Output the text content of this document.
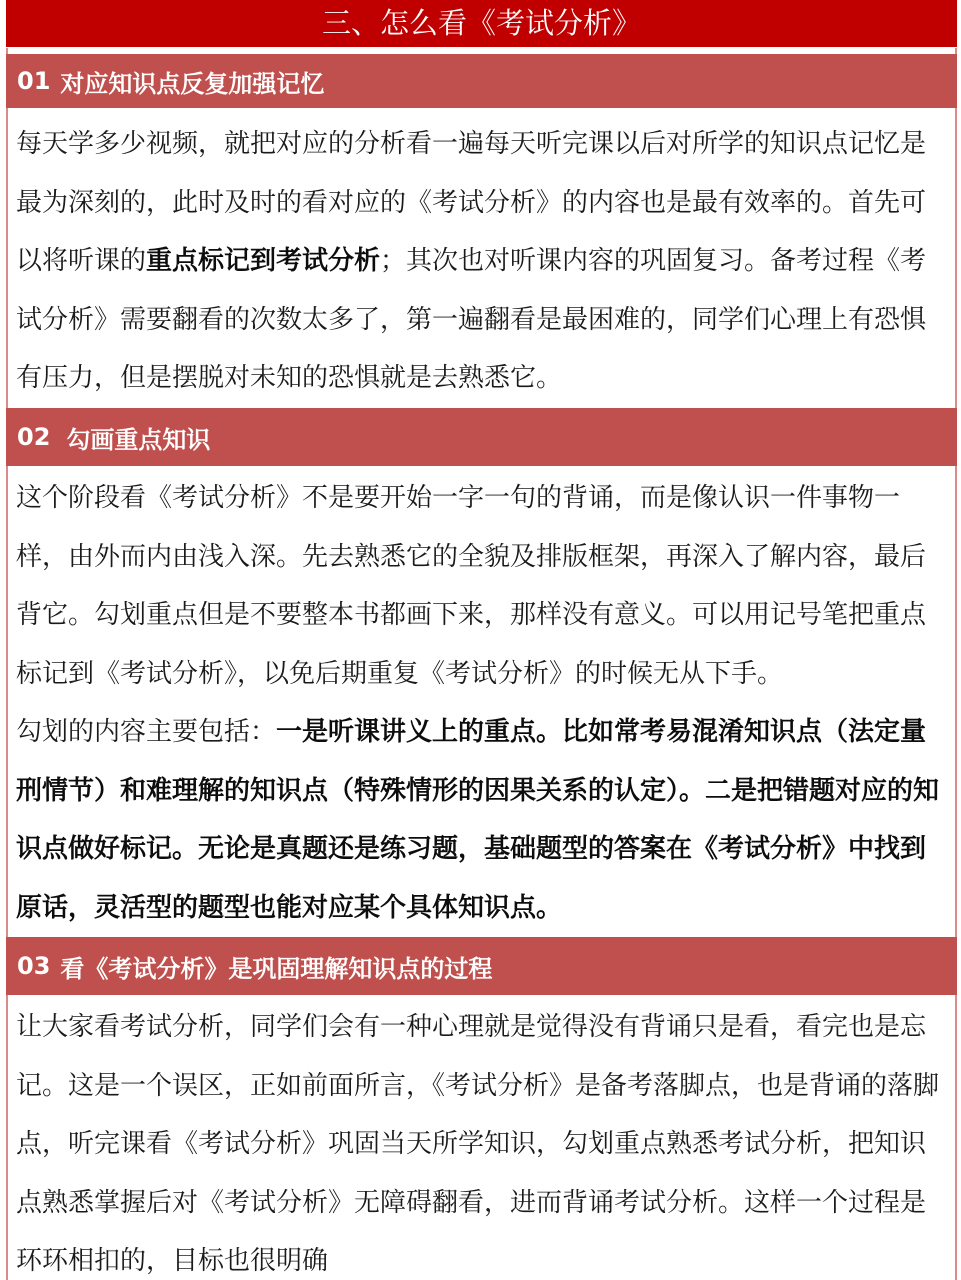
三、怎么看《考试分析》
01 对应知识点反复加强记忆

每天学多少视频，就把对应的分析看一遍每天听完课以后对所学的知识点记忆是最为深刻的，此时及时的看对应的《考试分析》的内容也是最有效率的。首先可以将听课的重点标记到考试分析；其次也对听课内容的巩固复习。备考过程《考试分析》需要翻看的次数太多了，第一遍翻看是最困难的，同学们心理上有恐惧有压力，但是摆脱对未知的恐惧就是去熟悉它。

02 勾画重点知识

这个阶段看《考试分析》不是要开始一字一句的背诵，而是像认识一件事物一样，由外而内由浅入深。先去熟悉它的全貌及排版框架，再深入了解内容，最后背它。勾划重点但是不要整本书都画下来，那样没有意义。可以用记号笔把重点标记到《考试分析》，以免后期重复《考试分析》的时候无从下手。

勾划的内容主要包括：一是听课讲义上的重点。比如常考易混淆知识点（法定量刑情节）和难理解的知识点（特殊情形的因果关系的认定）。二是把错题对应的知识点做好标记。无论是真题还是练习题，基础题型的答案在《考试分析》中找到原话，灵活型的题型也能对应某个具体知识点。

03 看《考试分析》是巩固理解知识点的过程

让大家看考试分析，同学们会有一种心理就是觉得没有背诵只是看，看完也是忘记。这是一个误区，正如前面所言，《考试分析》是备考落脚点，也是背诵的落脚点，听完课看《考试分析》巩固当天所学知识，勾划重点熟悉考试分析，把知识点熟悉掌握后对《考试分析》无障碍翻看，进而背诵考试分析。这样一个过程是环环相扣的，目标也很明确
